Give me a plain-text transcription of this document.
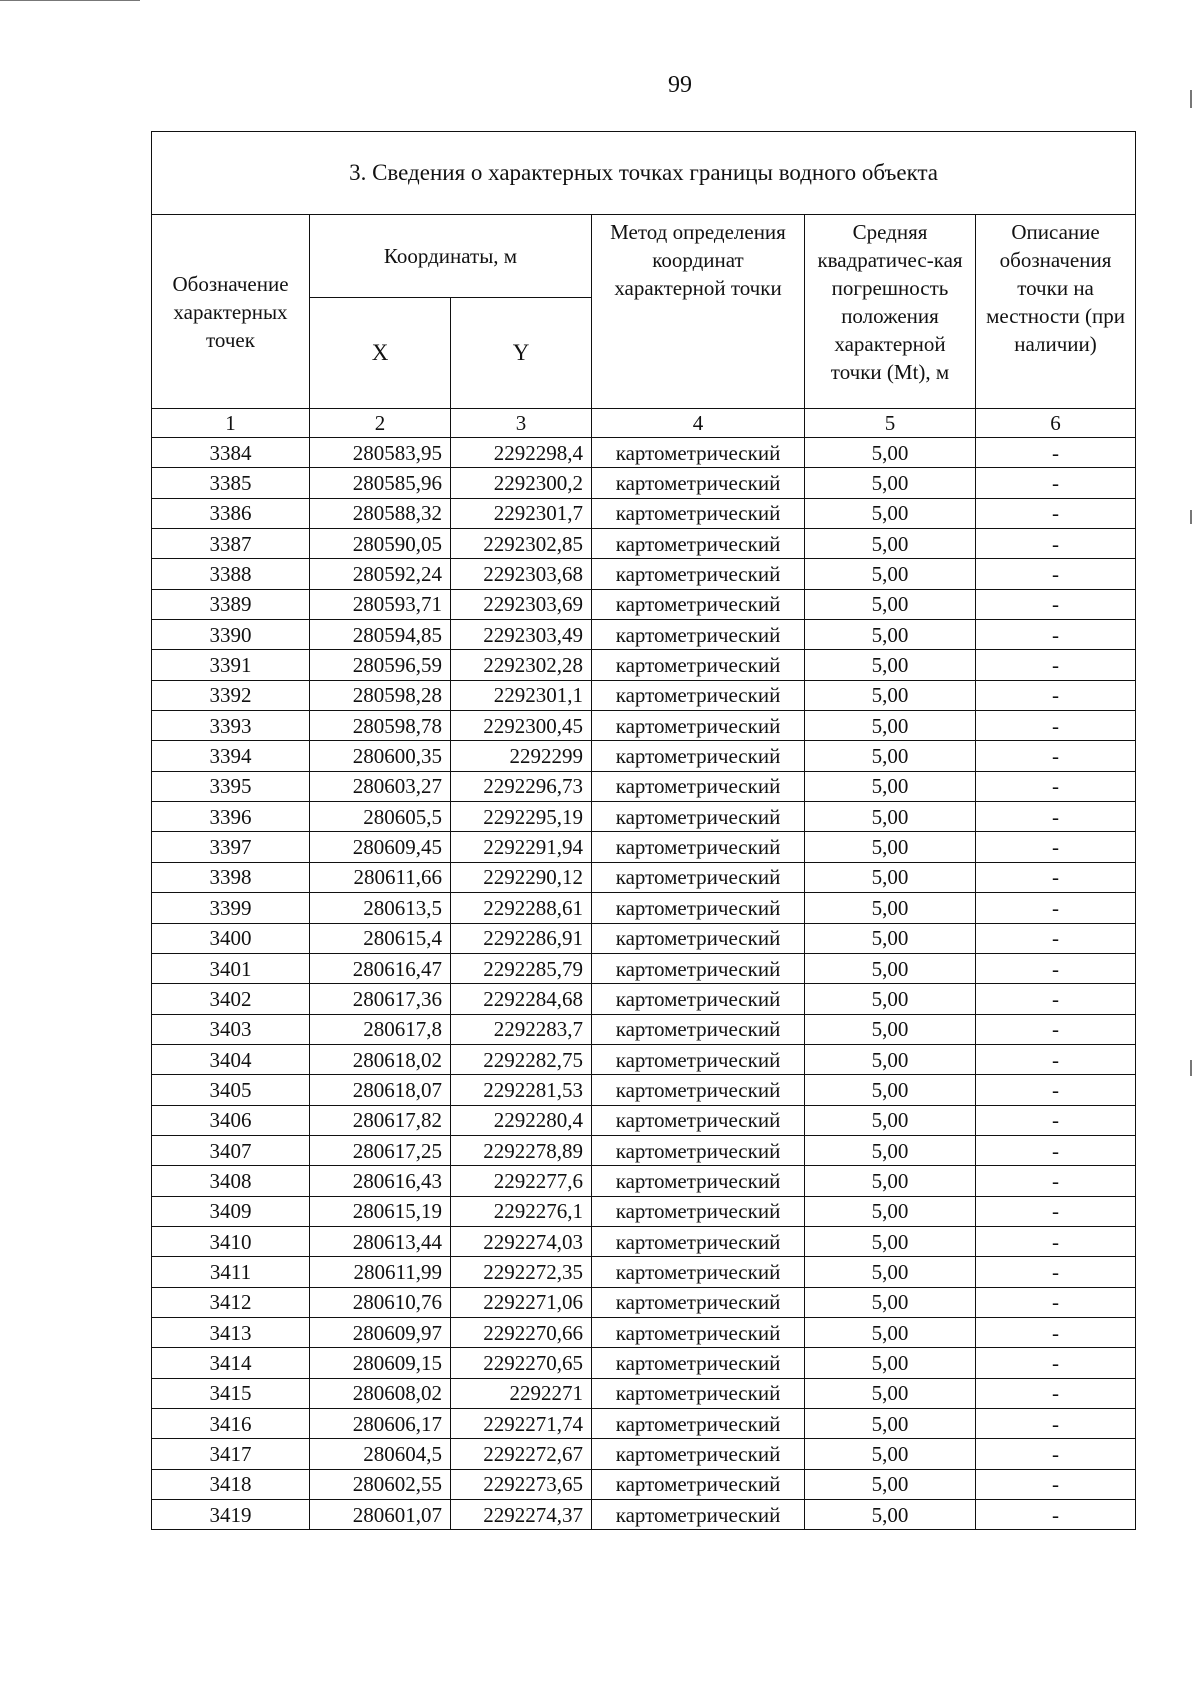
99
3. Сведения о характерных точках границы водного объекта					
Обозначение характерных точек	Координаты, м		Метод определения координат характерной точки	Средняя квадратичес-кая погрешность положения характерной точки (Mt), м	Описание обозначения точки на местности (при наличии)
	X	Y			
1	2	3	4	5	6
3384	280583,95	2292298,4	картометрический	5,00	-
3385	280585,96	2292300,2	картометрический	5,00	-
3386	280588,32	2292301,7	картометрический	5,00	-
3387	280590,05	2292302,85	картометрический	5,00	-
3388	280592,24	2292303,68	картометрический	5,00	-
3389	280593,71	2292303,69	картометрический	5,00	-
3390	280594,85	2292303,49	картометрический	5,00	-
3391	280596,59	2292302,28	картометрический	5,00	-
3392	280598,28	2292301,1	картометрический	5,00	-
3393	280598,78	2292300,45	картометрический	5,00	-
3394	280600,35	2292299	картометрический	5,00	-
3395	280603,27	2292296,73	картометрический	5,00	-
3396	280605,5	2292295,19	картометрический	5,00	-
3397	280609,45	2292291,94	картометрический	5,00	-
3398	280611,66	2292290,12	картометрический	5,00	-
3399	280613,5	2292288,61	картометрический	5,00	-
3400	280615,4	2292286,91	картометрический	5,00	-
3401	280616,47	2292285,79	картометрический	5,00	-
3402	280617,36	2292284,68	картометрический	5,00	-
3403	280617,8	2292283,7	картометрический	5,00	-
3404	280618,02	2292282,75	картометрический	5,00	-
3405	280618,07	2292281,53	картометрический	5,00	-
3406	280617,82	2292280,4	картометрический	5,00	-
3407	280617,25	2292278,89	картометрический	5,00	-
3408	280616,43	2292277,6	картометрический	5,00	-
3409	280615,19	2292276,1	картометрический	5,00	-
3410	280613,44	2292274,03	картометрический	5,00	-
3411	280611,99	2292272,35	картометрический	5,00	-
3412	280610,76	2292271,06	картометрический	5,00	-
3413	280609,97	2292270,66	картометрический	5,00	-
3414	280609,15	2292270,65	картометрический	5,00	-
3415	280608,02	2292271	картометрический	5,00	-
3416	280606,17	2292271,74	картометрический	5,00	-
3417	280604,5	2292272,67	картометрический	5,00	-
3418	280602,55	2292273,65	картометрический	5,00	-
3419	280601,07	2292274,37	картометрический	5,00	-
